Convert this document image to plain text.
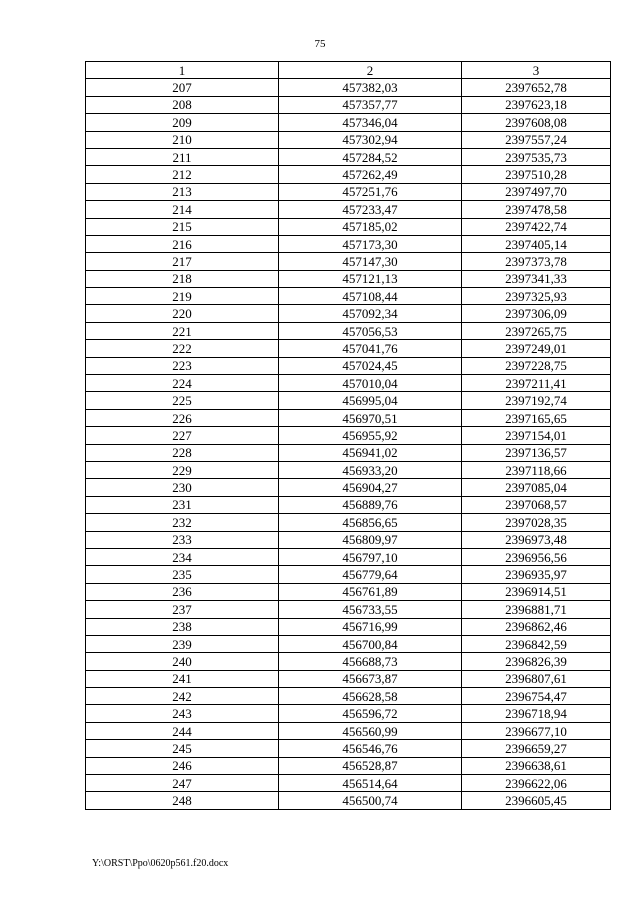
75
1	2	3
207	457382,03	2397652,78
208	457357,77	2397623,18
209	457346,04	2397608,08
210	457302,94	2397557,24
211	457284,52	2397535,73
212	457262,49	2397510,28
213	457251,76	2397497,70
214	457233,47	2397478,58
215	457185,02	2397422,74
216	457173,30	2397405,14
217	457147,30	2397373,78
218	457121,13	2397341,33
219	457108,44	2397325,93
220	457092,34	2397306,09
221	457056,53	2397265,75
222	457041,76	2397249,01
223	457024,45	2397228,75
224	457010,04	2397211,41
225	456995,04	2397192,74
226	456970,51	2397165,65
227	456955,92	2397154,01
228	456941,02	2397136,57
229	456933,20	2397118,66
230	456904,27	2397085,04
231	456889,76	2397068,57
232	456856,65	2397028,35
233	456809,97	2396973,48
234	456797,10	2396956,56
235	456779,64	2396935,97
236	456761,89	2396914,51
237	456733,55	2396881,71
238	456716,99	2396862,46
239	456700,84	2396842,59
240	456688,73	2396826,39
241	456673,87	2396807,61
242	456628,58	2396754,47
243	456596,72	2396718,94
244	456560,99	2396677,10
245	456546,76	2396659,27
246	456528,87	2396638,61
247	456514,64	2396622,06
248	456500,74	2396605,45
Y:\ORST\Ppo\0620p561.f20.docx
